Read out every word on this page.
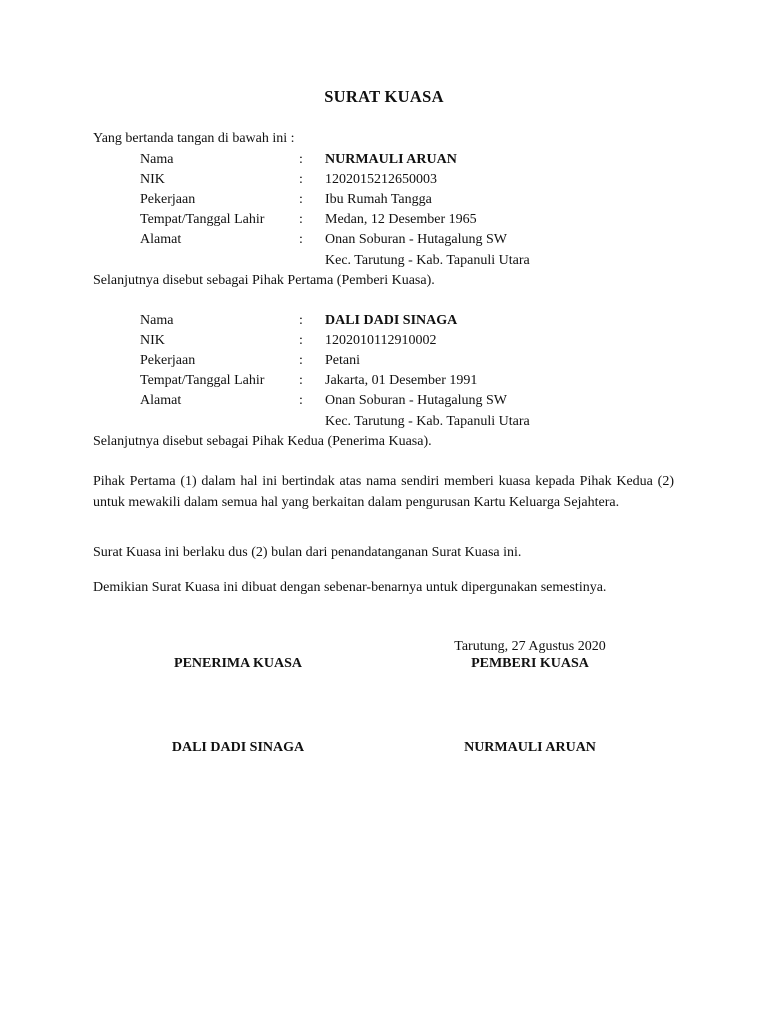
SURAT KUASA
Yang bertanda tangan di bawah ini :
Nama	: NURMAULI ARUAN
NIK	: 1202015212650003
Pekerjaan	: Ibu Rumah Tangga
Tempat/Tanggal Lahir : Medan, 12 Desember 1965
Alamat	: Onan Soburan - Hutagalung SW
Kec. Tarutung - Kab. Tapanuli Utara
Selanjutnya disebut sebagai Pihak Pertama (Pemberi Kuasa).
Nama	: DALI DADI SINAGA
NIK	: 1202010112910002
Pekerjaan	: Petani
Tempat/Tanggal Lahir : Jakarta, 01 Desember 1991
Alamat	: Onan Soburan - Hutagalung SW
Kec. Tarutung - Kab. Tapanuli Utara
Selanjutnya disebut sebagai Pihak Kedua (Penerima Kuasa).
Pihak Pertama (1) dalam hal ini bertindak atas nama sendiri memberi kuasa kepada Pihak Kedua (2) untuk mewakili dalam semua hal yang berkaitan dalam pengurusan Kartu Keluarga Sejahtera.
Surat Kuasa ini berlaku dus (2) bulan dari penandatanganan Surat Kuasa ini.
Demikian Surat Kuasa ini dibuat dengan sebenar-benarnya untuk dipergunakan semestinya.
Tarutung, 27 Agustus 2020
PENERIMA KUASA	PEMBERI KUASA
DALI DADI SINAGA	NURMAULI ARUAN
